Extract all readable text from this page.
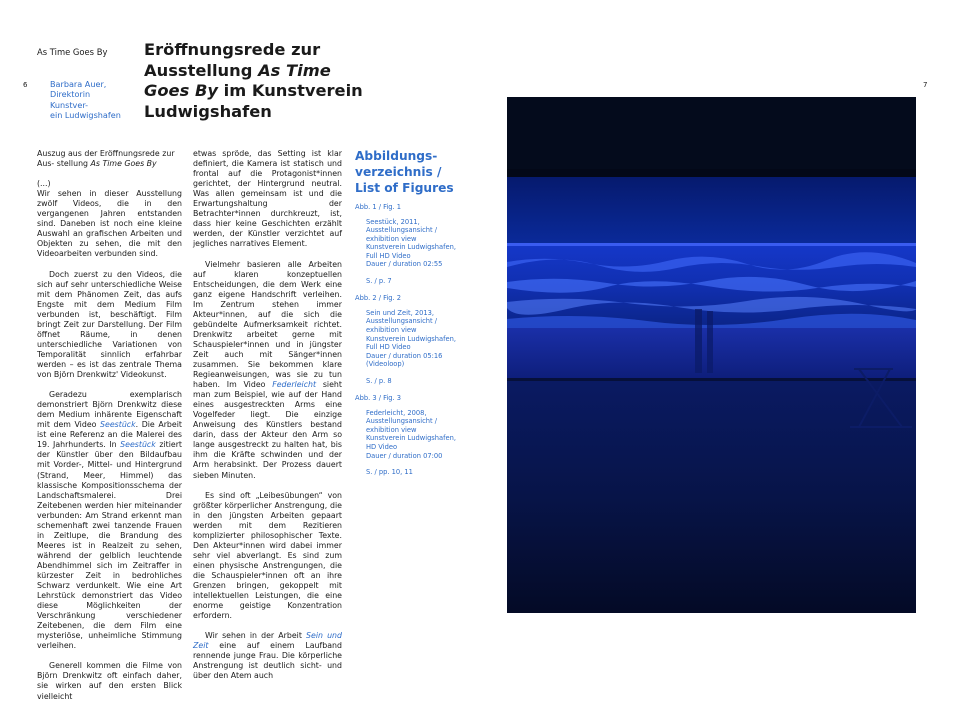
As Time Goes By
6	7
Barbara Auer,
Direktorin Kunstver-
ein Ludwigshafen
Eröffnungsrede zur Ausstellung As Time Goes By im Kunstverein Ludwigshafen

Auszug aus der Eröffnungsrede zur Aus- stellung As Time Goes By

(...)

Wir sehen in dieser Ausstellung zwölf Videos, die in den vergangenen Jahren entstanden sind. Daneben ist noch eine kleine Auswahl an grafischen Arbeiten und Objekten zu sehen, die mit den Videoarbeiten verbunden sind.

Doch zuerst zu den Videos, die sich auf sehr unterschiedliche Weise mit dem Phänomen Zeit, das aufs Engste mit dem Medium Film verbunden ist, beschäftigt. Film bringt Zeit zur Darstellung. Der Film öffnet Räume, in denen unterschiedliche Variationen von Temporalität sinnlich erfahrbar werden – es ist das zentrale Thema von Björn Drenkwitz' Videokunst.

Geradezu exemplarisch demonstriert Björn Drenkwitz diese dem Medium inhärente Eigenschaft mit dem Video Seestück. Die Arbeit ist eine Referenz an die Malerei des 19. Jahrhunderts. In Seestück zitiert der Künstler über den Bildaufbau mit Vorder-, Mittel- und Hintergrund (Strand, Meer, Himmel) das klassische Kompositionsschema der Landschaftsmalerei. Drei Zeitebenen werden hier miteinander verbunden: Am Strand erkennt man schemenhaft zwei tanzende Frauen in Zeitlupe, die Brandung des Meeres ist in Realzeit zu sehen, während der gelblich leuchtende Abendhimmel sich im Zeitraffer in kürzester Zeit in bedrohliches Schwarz verdunkelt. Wie eine Art Lehrstück demonstriert das Video diese Möglichkeiten der Verschränkung verschiedener Zeitebenen, die dem Film eine mysteriöse, unheimliche Stimmung verleihen.

Generell kommen die Filme von Björn Drenkwitz oft einfach daher, sie wirken auf den ersten Blick vielleicht

etwas spröde, das Setting ist klar definiert, die Kamera ist statisch und frontal auf die Protagonist*innen gerichtet, der Hintergrund neutral. Was allen gemeinsam ist und die Erwartungshaltung der Betrachter*innen durchkreuzt, ist, dass hier keine Geschichten erzählt werden, der Künstler verzichtet auf jegliches narratives Element.

Vielmehr basieren alle Arbeiten auf klaren konzeptuellen Entscheidungen, die dem Werk eine ganz eigene Handschrift verleihen. Im Zentrum stehen immer Akteur*innen, auf die sich die gebündelte Aufmerksamkeit richtet. Drenkwitz arbeitet gerne mit Schauspieler*innen und in jüngster Zeit auch mit Sänger*innen zusammen. Sie bekommen klare Regieanweisungen, was sie zu tun haben. Im Video Federleicht sieht man zum Beispiel, wie auf der Hand eines ausgestreckten Arms eine Vogelfeder liegt. Die einzige Anweisung des Künstlers bestand darin, dass der Akteur den Arm so lange ausgestreckt zu halten hat, bis ihm die Kräfte schwinden und der Arm herabsinkt. Der Prozess dauert sieben Minuten.

Es sind oft „Leibesübungen“ von größter körperlicher Anstrengung, die in den jüngsten Arbeiten gepaart werden mit dem Rezitieren komplizierter philosophischer Texte. Den Akteur*innen wird dabei immer sehr viel abverlangt. Es sind zum einen physische Anstrengungen, die die Schauspieler*innen oft an ihre Grenzen bringen, gekoppelt mit intellektuellen Leistungen, die eine enorme geistige Konzentration erfordern.

Wir sehen in der Arbeit Sein und Zeit eine auf einem Laufband rennende junge Frau. Die körperliche Anstrengung ist deutlich sicht- und über den Atem auch

Abbildungs-
verzeichnis /
List of Figures
Abb. 1 / Fig. 1
Seestück, 2011,
Ausstellungsansicht /
exhibition view
Kunstverein Ludwigshafen,
Full HD Video
Dauer / duration 02:55
S. / p. 7
Abb. 2 / Fig. 2
Sein und Zeit, 2013,
Ausstellungsansicht /
exhibition view
Kunstverein Ludwigshafen,
Full HD Video
Dauer / duration 05:16
(Videoloop)
S. / p. 8
Abb. 3 / Fig. 3
Federleicht, 2008,
Ausstellungsansicht /
exhibition view
Kunstverein Ludwigshafen,
HD Video
Dauer / duration 07:00
S. / pp. 10, 11
